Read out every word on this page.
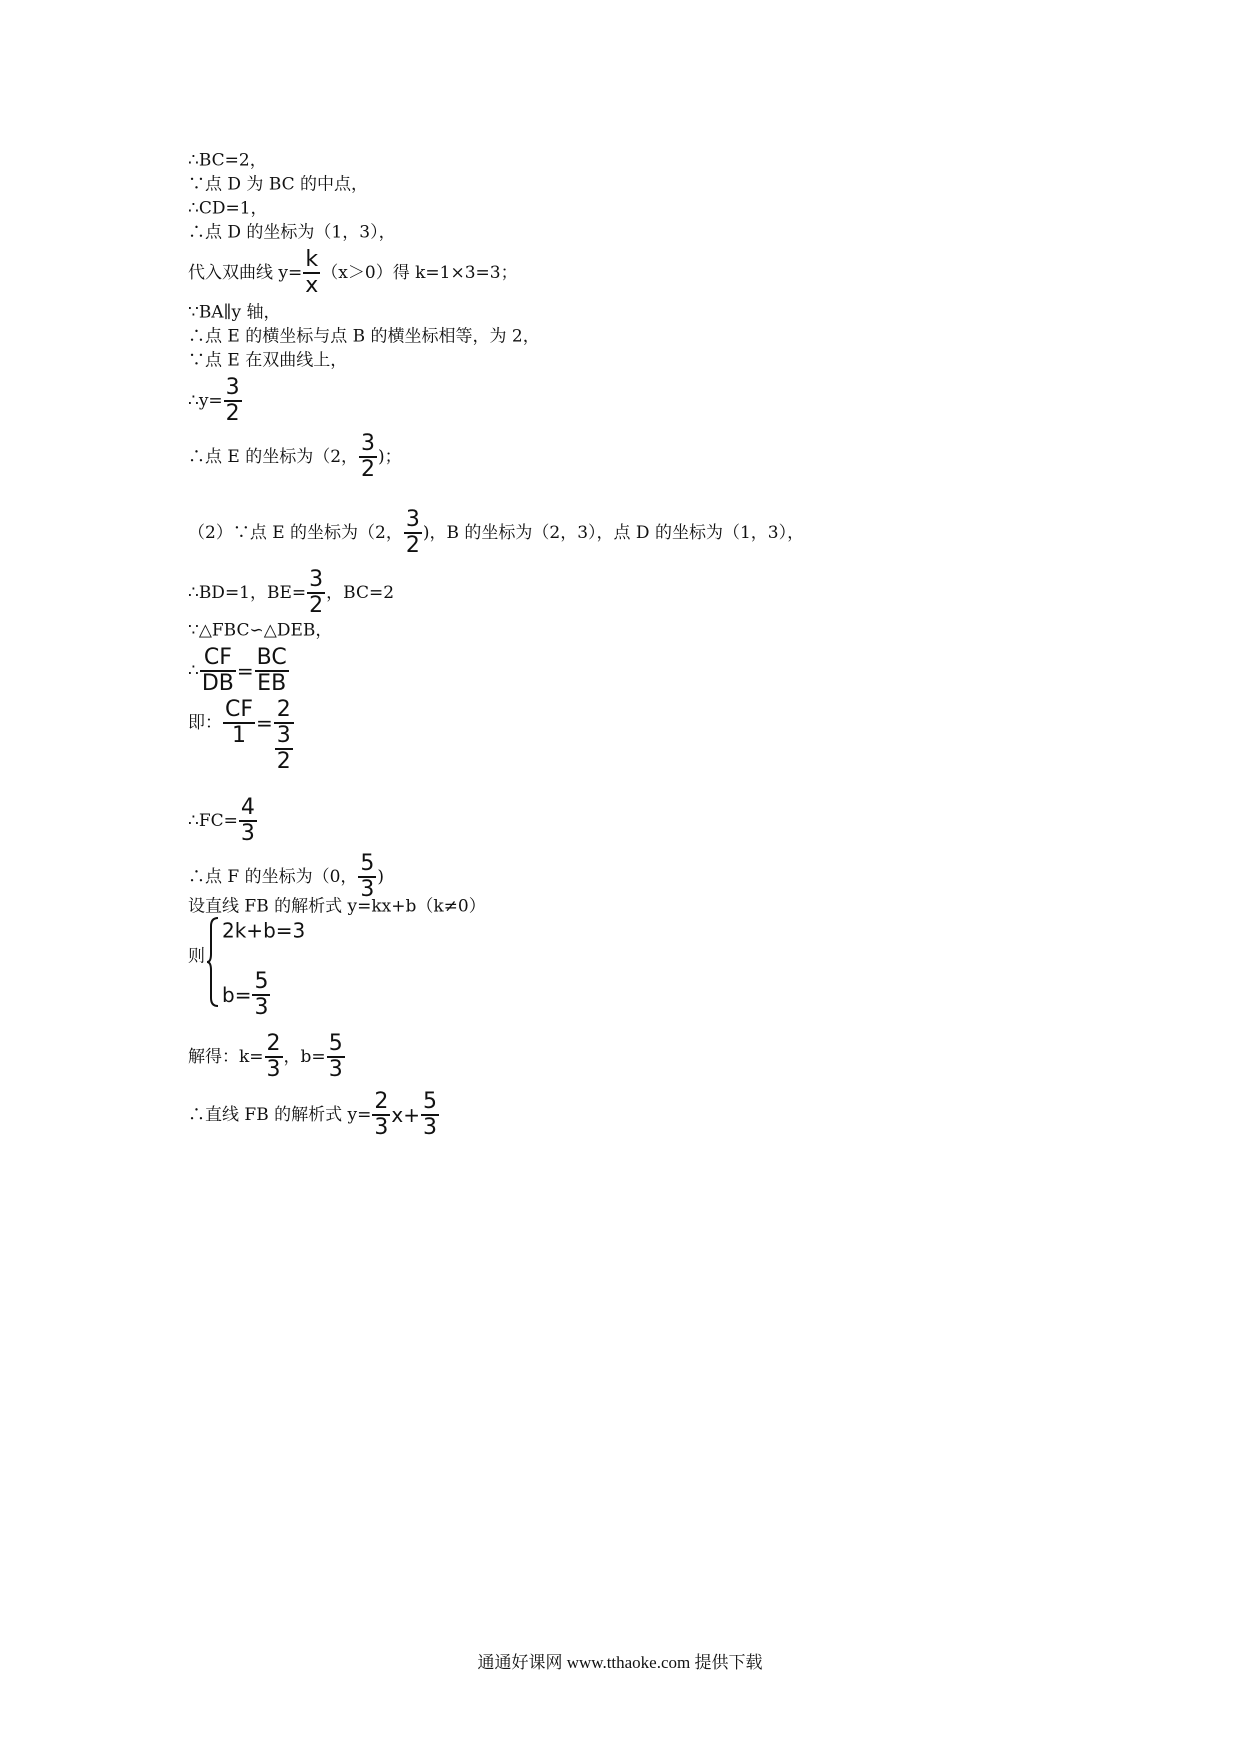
∴BC=2，
∵点 D 为 BC 的中点，
∴CD=1，
∴点 D 的坐标为（1，3），
代入双曲线 $y= \frac{k}{x} (x>0)$得 k=1×3=3；
∵BA∥y 轴，
∴点 E 的横坐标与点 B 的横坐标相等，为 2，
∵点 E 在双曲线上，
∴y= $\frac{3}{2}$
∴点 E 的坐标为（2， $\frac{3}{2}$ )；
（2）∵点 E 的坐标为（2， $\frac{3}{2}$ )，B 的坐标为（2，3），点 D 的坐标为（1，3），
∴BD=1，$BE= \frac{3}{2}$ ，BC=2
∵△FBC∽△DEB，
∴ $\frac{CF}{DB} = \frac{BC}{EB}$
即： $\frac{CF}{1} = \frac{2}{\frac{3}{2}}$
∴FC= $\frac{4}{3}$
∴点 F 的坐标为（0， $\frac{5}{3}$ )
设直线 FB 的解析式 y=kx+b（k≠0）
则
2k+b=3
$b= \frac{5}{3}$
解得：$k= \frac{2}{3}$ ，$b= \frac{5}{3}$
∴直线 FB 的解析式 $y= \frac{2}{3} x+ \frac{5}{3}$
通通好课网 www.tthaoke.com 提供下载
